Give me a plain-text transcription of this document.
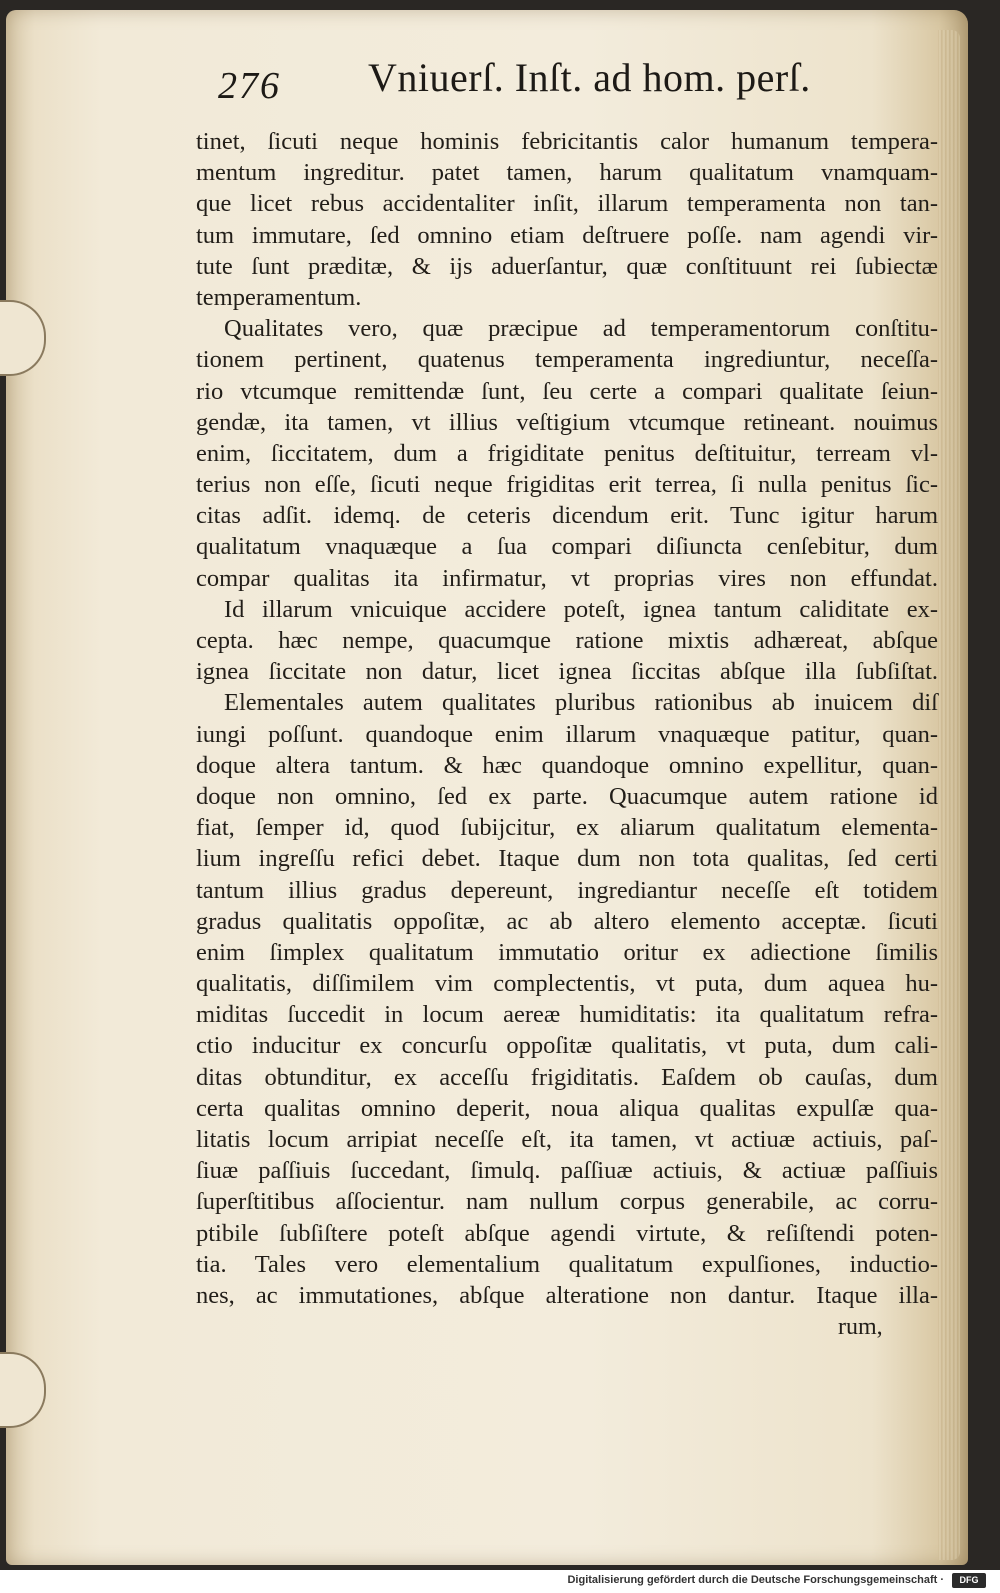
276 Vniuerſ. Inſt. ad hom. perſ.
tinet, ſicuti neque hominis febricitantis calor humanum tempera-
mentum ingreditur. patet tamen, harum qualitatum vnamquam-
que licet rebus accidentaliter inſit, illarum temperamenta non tan-
tum immutare, ſed omnino etiam deſtruere poſſe. nam agendi vir-
tute ſunt præditæ, & ijs aduerſantur, quæ conſtituunt rei ſubiectæ
temperamentum.
Qualitates vero, quæ præcipue ad temperamentorum conſtitu-
tionem pertinent, quatenus temperamenta ingrediuntur, neceſſa-
rio vtcumque remittendæ ſunt, ſeu certe a compari qualitate ſeiun-
gendæ, ita tamen, vt illius veſtigium vtcumque retineant. nouimus
enim, ſiccitatem, dum a frigiditate penitus deſtituitur, terream vl-
terius non eſſe, ſicuti neque frigiditas erit terrea, ſi nulla penitus ſic-
citas adſit. idemq. de ceteris dicendum erit. Tunc igitur harum
qualitatum vnaquæque a ſua compari diſiuncta cenſebitur, dum
compar qualitas ita infirmatur, vt proprias vires non effundat.
Id illarum vnicuique accidere poteſt, ignea tantum caliditate ex-
cepta. hæc nempe, quacumque ratione mixtis adhæreat, abſque
ignea ſiccitate non datur, licet ignea ſiccitas abſque illa ſubſiſtat.
Elementales autem qualitates pluribus rationibus ab inuicem diſ
iungi poſſunt. quandoque enim illarum vnaquæque patitur, quan-
doque altera tantum. & hæc quandoque omnino expellitur, quan-
doque non omnino, ſed ex parte. Quacumque autem ratione id
fiat, ſemper id, quod ſubijcitur, ex aliarum qualitatum elementa-
lium ingreſſu refici debet. Itaque dum non tota qualitas, ſed certi
tantum illius gradus depereunt, ingrediantur neceſſe eſt totidem
gradus qualitatis oppoſitæ, ac ab altero elemento acceptæ. ſicuti
enim ſimplex qualitatum immutatio oritur ex adiectione ſimilis
qualitatis, diſſimilem vim complectentis, vt puta, dum aquea hu-
miditas ſuccedit in locum aereæ humiditatis: ita qualitatum refra-
ctio inducitur ex concurſu oppoſitæ qualitatis, vt puta, dum cali-
ditas obtunditur, ex acceſſu frigiditatis. Eaſdem ob cauſas, dum
certa qualitas omnino deperit, noua aliqua qualitas expulſæ qua-
litatis locum arripiat neceſſe eſt, ita tamen, vt actiuæ actiuis, paſ-
ſiuæ paſſiuis ſuccedant, ſimulq. paſſiuæ actiuis, & actiuæ paſſiuis
ſuperſtitibus aſſocientur. nam nullum corpus generabile, ac corru-
ptibile ſubſiſtere poteſt abſque agendi virtute, & reſiſtendi poten-
tia. Tales vero elementalium qualitatum expulſiones, inductio-
nes, ac immutationes, abſque alteratione non dantur. Itaque illa-
rum,
Digitalisierung gefördert durch die Deutsche Forschungsgemeinschaft ·	DFG
